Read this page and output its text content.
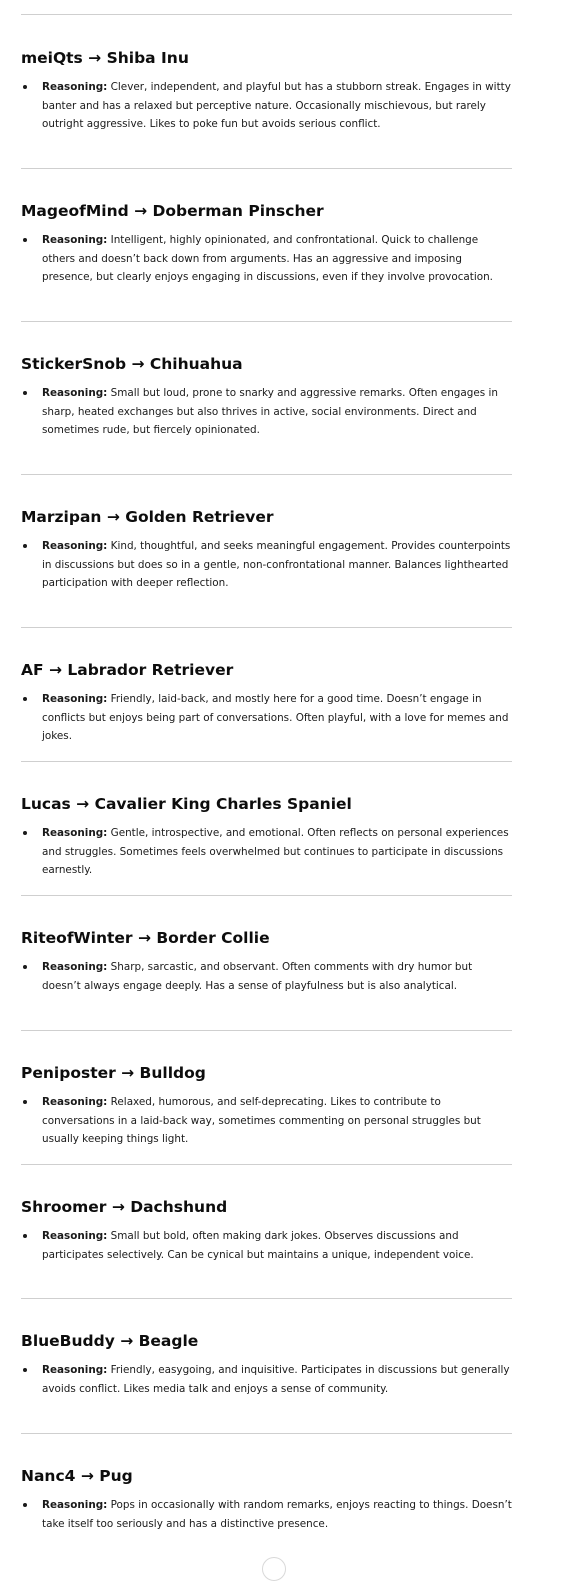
meiQts → Shiba Inu
Reasoning: Clever, independent, and playful but has a stubborn streak. Engages in witty banter and has a relaxed but perceptive nature. Occasionally mischievous, but rarely outright aggressive. Likes to poke fun but avoids serious conflict.
MageofMind → Doberman Pinscher
Reasoning: Intelligent, highly opinionated, and confrontational. Quick to challenge others and doesn’t back down from arguments. Has an aggressive and imposing presence, but clearly enjoys engaging in discussions, even if they involve provocation.
StickerSnob → Chihuahua
Reasoning: Small but loud, prone to snarky and aggressive remarks. Often engages in sharp, heated exchanges but also thrives in active, social environments. Direct and sometimes rude, but fiercely opinionated.
Marzipan → Golden Retriever
Reasoning: Kind, thoughtful, and seeks meaningful engagement. Provides counterpoints in discussions but does so in a gentle, non-confrontational manner. Balances lighthearted participation with deeper reflection.
AF → Labrador Retriever
Reasoning: Friendly, laid-back, and mostly here for a good time. Doesn’t engage in conflicts but enjoys being part of conversations. Often playful, with a love for memes and jokes.
Lucas → Cavalier King Charles Spaniel
Reasoning: Gentle, introspective, and emotional. Often reflects on personal experiences and struggles. Sometimes feels overwhelmed but continues to participate in discussions earnestly.
RiteofWinter → Border Collie
Reasoning: Sharp, sarcastic, and observant. Often comments with dry humor but doesn’t always engage deeply. Has a sense of playfulness but is also analytical.
Peniposter → Bulldog
Reasoning: Relaxed, humorous, and self-deprecating. Likes to contribute to conversations in a laid-back way, sometimes commenting on personal struggles but usually keeping things light.
Shroomer → Dachshund
Reasoning: Small but bold, often making dark jokes. Observes discussions and participates selectively. Can be cynical but maintains a unique, independent voice.
BlueBuddy → Beagle
Reasoning: Friendly, easygoing, and inquisitive. Participates in discussions but generally avoids conflict. Likes media talk and enjoys a sense of community.
Nanc4 → Pug
Reasoning: Pops in occasionally with random remarks, enjoys reacting to things. Doesn’t take itself too seriously and has a distinctive presence.
